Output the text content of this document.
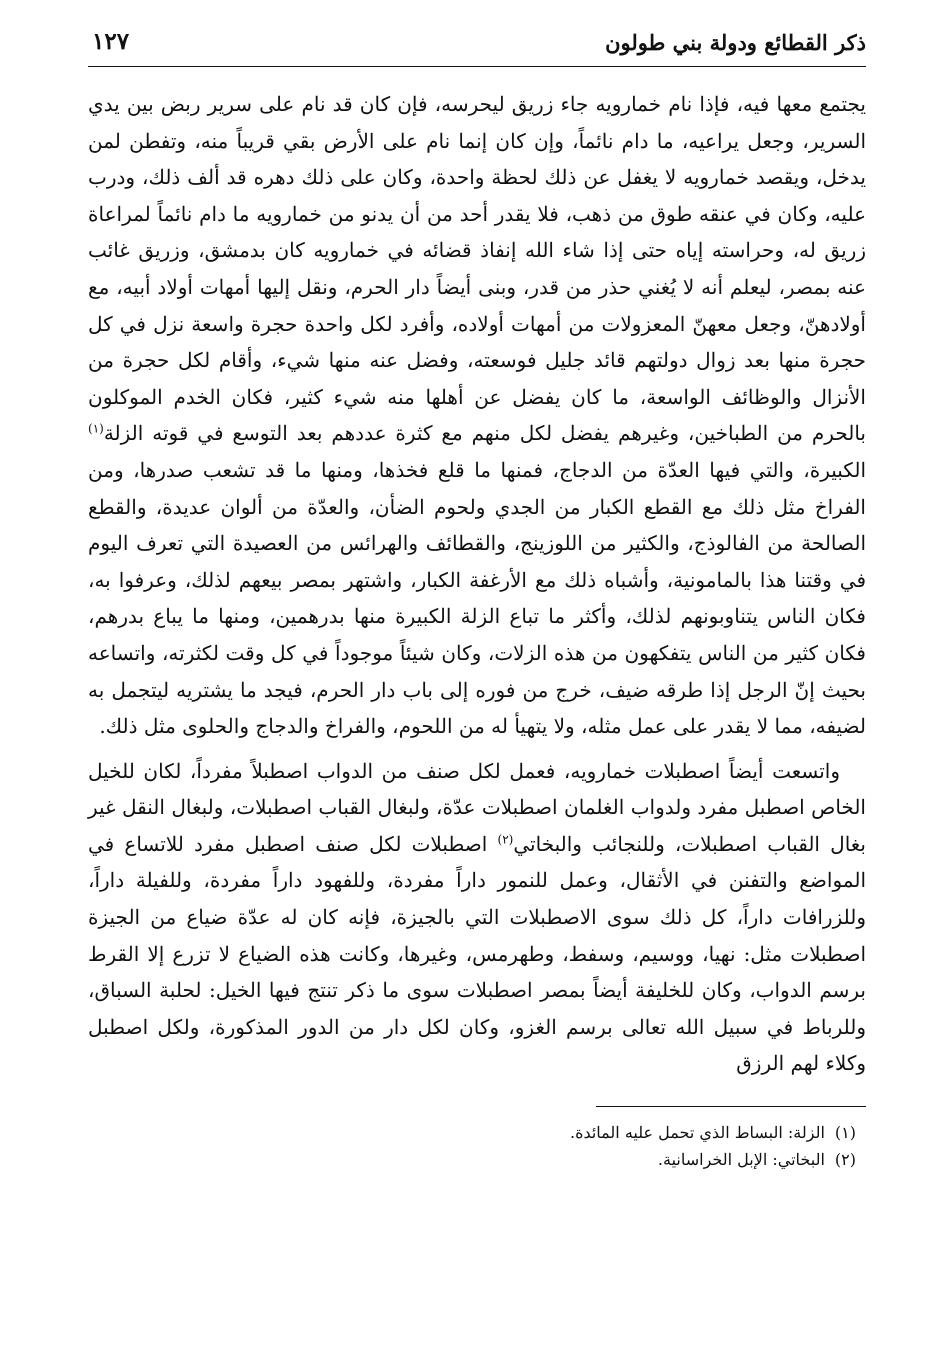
ذكر القطائع ودولة بني طولون
١٢٧

يجتمع معها فيه، فإذا نام خمارويه جاء زريق ليحرسه، فإن كان قد نام على سرير ربض بين يدي السرير، وجعل يراعيه، ما دام نائماً، وإن كان إنما نام على الأرض بقي قريباً منه، وتفطن لمن يدخل، ويقصد خمارويه لا يغفل عن ذلك لحظة واحدة، وكان على ذلك دهره قد ألف ذلك، ودرب عليه، وكان في عنقه طوق من ذهب، فلا يقدر أحد من أن يدنو من خمارويه ما دام نائماً لمراعاة زريق له، وحراسته إياه حتى إذا شاء الله إنفاذ قضائه في خمارويه كان بدمشق، وزريق غائب عنه بمصر، ليعلم أنه لا يُغني حذر من قدر، وبنى أيضاً دار الحرم، ونقل إليها أمهات أولاد أبيه، مع أولادهنّ، وجعل معهنّ المعزولات من أمهات أولاده، وأفرد لكل واحدة حجرة واسعة نزل في كل حجرة منها بعد زوال دولتهم قائد جليل فوسعته، وفضل عنه منها شيء، وأقام لكل حجرة من الأنزال والوظائف الواسعة، ما كان يفضل عن أهلها منه شيء كثير، فكان الخدم الموكلون بالحرم من الطباخين، وغيرهم يفضل لكل منهم مع كثرة عددهم بعد التوسع في قوته الزلة$^{(١)}$ الكبيرة، والتي فيها العدّة من الدجاج، فمنها ما قلع فخذها، ومنها ما قد تشعب صدرها، ومن الفراخ مثل ذلك مع القطع الكبار من الجدي ولحوم الضأن، والعدّة من ألوان عديدة، والقطع الصالحة من الفالوذج، والكثير من اللوزينج، والقطائف والهرائس من العصيدة التي تعرف اليوم في وقتنا هذا بالمامونية، وأشباه ذلك مع الأرغفة الكبار، واشتهر بمصر بيعهم لذلك، وعرفوا به، فكان الناس يتناوبونهم لذلك، وأكثر ما تباع الزلة الكبيرة منها بدرهمين، ومنها ما يباع بدرهم، فكان كثير من الناس يتفكهون من هذه الزلات، وكان شيئاً موجوداً في كل وقت لكثرته، واتساعه بحيث إنّ الرجل إذا طرقه ضيف، خرج من فوره إلى باب دار الحرم، فيجد ما يشتريه ليتجمل به لضيفه، مما لا يقدر على عمل مثله، ولا يتهيأ له من اللحوم، والفراخ والدجاج والحلوى مثل ذلك.

واتسعت أيضاً اصطبلات خمارويه، فعمل لكل صنف من الدواب اصطبلاً مفرداً، لكان للخيل الخاص اصطبل مفرد ولدواب الغلمان اصطبلات عدّة، ولبغال القباب اصطبلات، ولبغال النقل غير بغال القباب اصطبلات، وللنجائب والبخاتي$^{(٢)}$ اصطبلات لكل صنف اصطبل مفرد للاتساع في المواضع والتفنن في الأثقال، وعمل للنمور داراً مفردة، وللفهود داراً مفردة، وللفيلة داراً، وللزرافات داراً، كل ذلك سوى الاصطبلات التي بالجيزة، فإنه كان له عدّة ضياع من الجيزة اصطبلات مثل: نهيا، ووسيم، وسفط، وطهرمس، وغيرها، وكانت هذه الضياع لا تزرع إلا القرط برسم الدواب، وكان للخليفة أيضاً بمصر اصطبلات سوى ما ذكر تنتج فيها الخيل: لحلبة السباق، وللرباط في سبيل الله تعالى برسم الغزو، وكان لكل دار من الدور المذكورة، ولكل اصطبل وكلاء لهم الرزق

(١)الزلة: البساط الذي تحمل عليه المائدة.
(٢)البخاتي: الإبل الخراسانية.
